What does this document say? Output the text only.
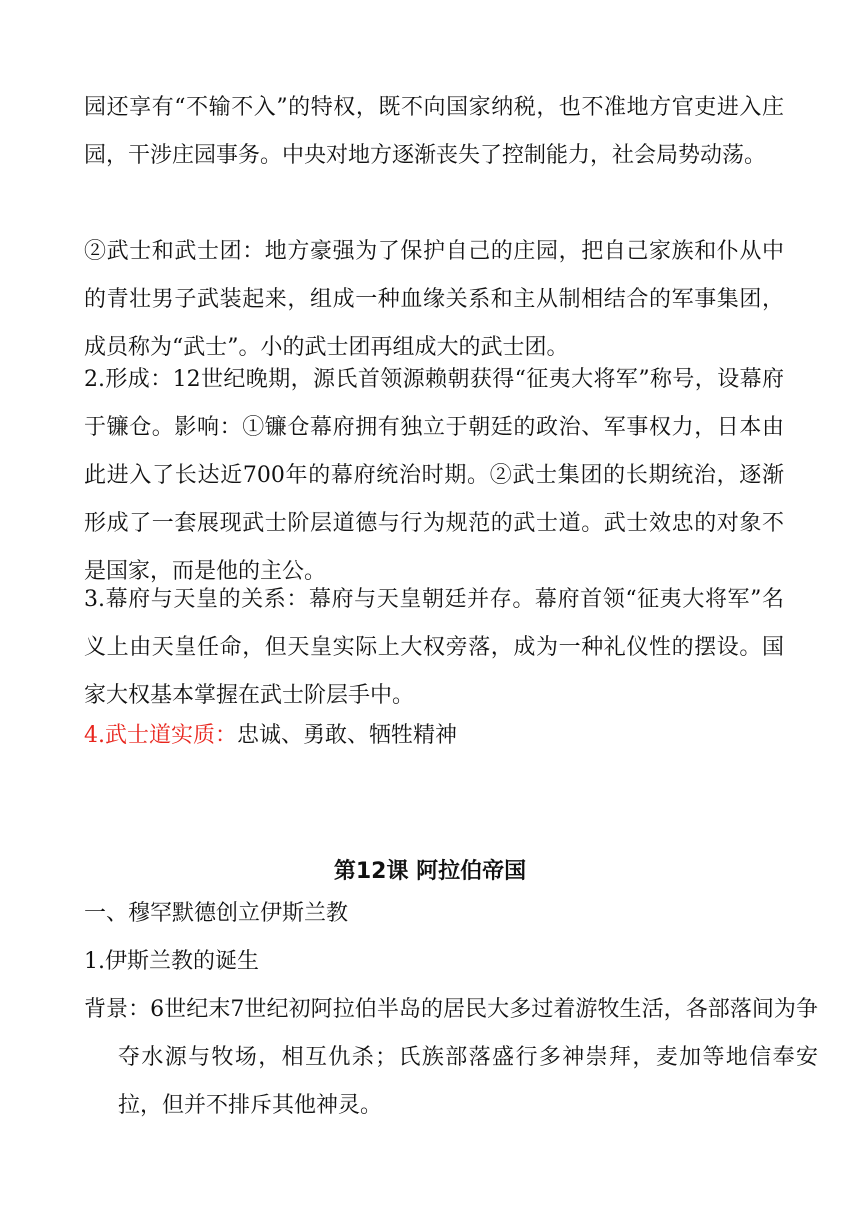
园还享有“不输不入”的特权，既不向国家纳税，也不准地方官吏进入庄园，干涉庄园事务。中央对地方逐渐丧失了控制能力，社会局势动荡。

②武士和武士团：地方豪强为了保护自己的庄园，把自己家族和仆从中的青壮男子武装起来，组成一种血缘关系和主从制相结合的军事集团，成员称为“武士”。小的武士团再组成大的武士团。

2.形成：12世纪晚期，源氏首领源赖朝获得“征夷大将军”称号，设幕府于镰仓。影响：①镰仓幕府拥有独立于朝廷的政治、军事权力，日本由此进入了长达近700年的幕府统治时期。②武士集团的长期统治，逐渐形成了一套展现武士阶层道德与行为规范的武士道。武士效忠的对象不是国家，而是他的主公。

3.幕府与天皇的关系：幕府与天皇朝廷并存。幕府首领“征夷大将军”名义上由天皇任命，但天皇实际上大权旁落，成为一种礼仪性的摆设。国家大权基本掌握在武士阶层手中。

4.武士道实质：忠诚、勇敢、牺牲精神

第12课 阿拉伯帝国

一、穆罕默德创立伊斯兰教

1.伊斯兰教的诞生

背景：6世纪末7世纪初阿拉伯半岛的居民大多过着游牧生活，各部落间为争夺水源与牧场，相互仇杀；氏族部落盛行多神崇拜，麦加等地信奉安拉，但并不排斥其他神灵。
